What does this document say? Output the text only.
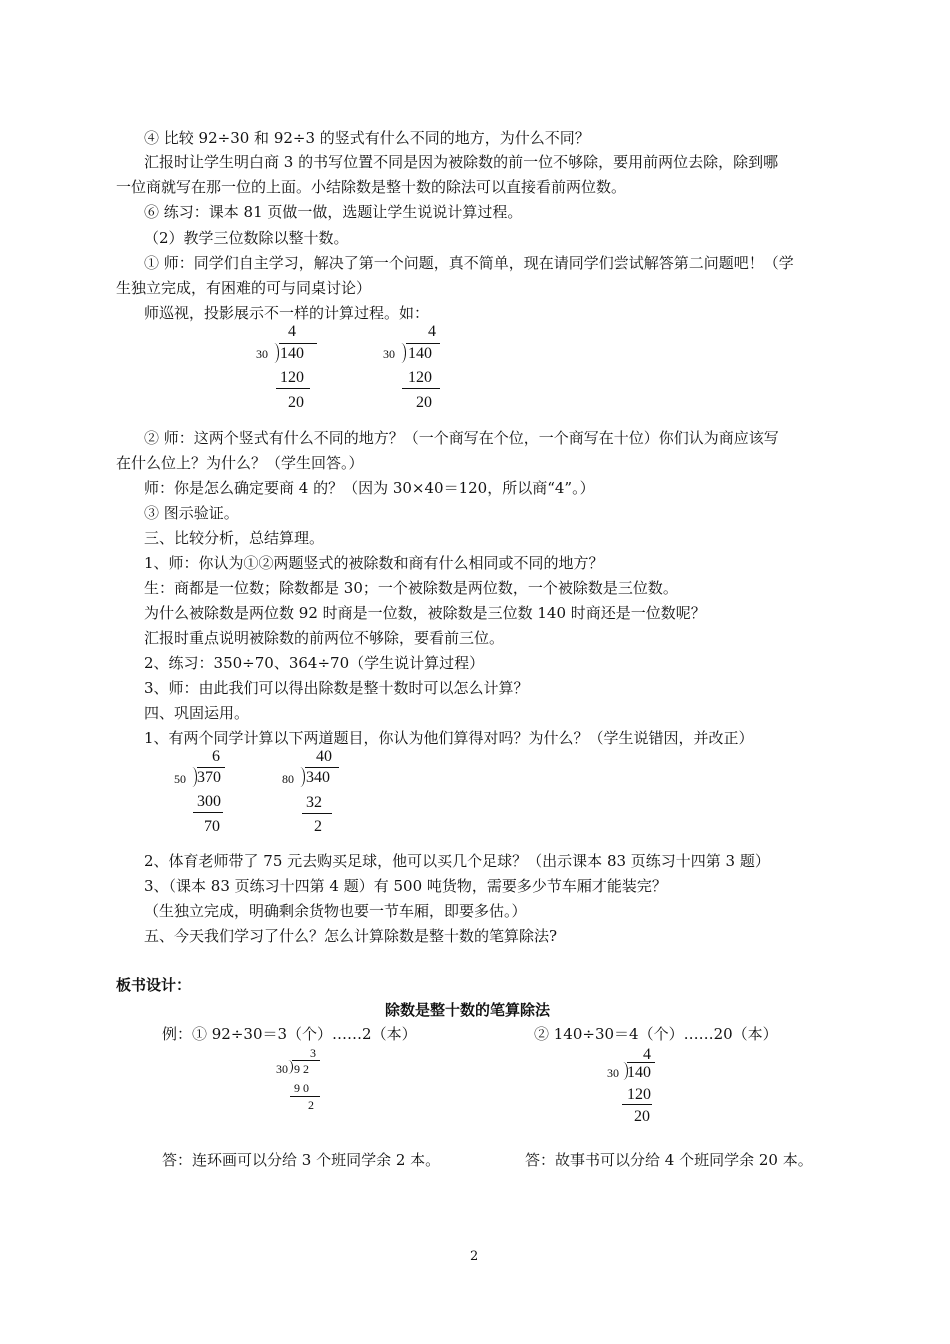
④ 比较 92÷30 和 92÷3 的竖式有什么不同的地方，为什么不同？
汇报时让学生明白商 3 的书写位置不同是因为被除数的前一位不够除，要用前两位去除，除到哪
一位商就写在那一位的上面。小结除数是整十数的除法可以直接看前两位数。
⑥ 练习：课本 81 页做一做，选题让学生说说计算过程。
（2）教学三位数除以整十数。
① 师：同学们自主学习，解决了第一个问题，真不简单，现在请同学们尝试解答第二问题吧！（学
生独立完成，有困难的可与同桌讨论）
师巡视，投影展示不一样的计算过程。如：
4
30 140
120
20
4
30 140
120
20
② 师：这两个竖式有什么不同的地方？（一个商写在个位，一个商写在十位）你们认为商应该写
在什么位上？为什么？（学生回答。）
师：你是怎么确定要商 4 的？（因为 30×40＝120，所以商“4”。）
③ 图示验证。
三、比较分析，总结算理。
1、师：你认为①②两题竖式的被除数和商有什么相同或不同的地方？
生：商都是一位数；除数都是 30；一个被除数是两位数，一个被除数是三位数。
为什么被除数是两位数 92 时商是一位数，被除数是三位数 140 时商还是一位数呢？
汇报时重点说明被除数的前两位不够除，要看前三位。
2、练习：350÷70、364÷70（学生说计算过程）
3、师：由此我们可以得出除数是整十数时可以怎么计算？
四、巩固运用。
1、有两个同学计算以下两道题目，你认为他们算得对吗？为什么？（学生说错因，并改正）
6
50 370
300
70
40
80 340
32
2
2、体育老师带了 75 元去购买足球，他可以买几个足球？（出示课本 83 页练习十四第 3 题）
3、（课本 83 页练习十四第 4 题）有 500 吨货物，需要多少节车厢才能装完？
（生独立完成，明确剩余货物也要一节车厢，即要多估。）
五、今天我们学习了什么？怎么计算除数是整十数的笔算除法?
板书设计：
除数是整十数的笔算除法
例：① 92÷30＝3（个）……2（本）	② 140÷30＝4（个）……20（本）
3
30 9 2
9 0
2
4
30 140
120
20
答：连环画可以分给 3 个班同学余 2 本。	答：故事书可以分给 4 个班同学余 20 本。
2
